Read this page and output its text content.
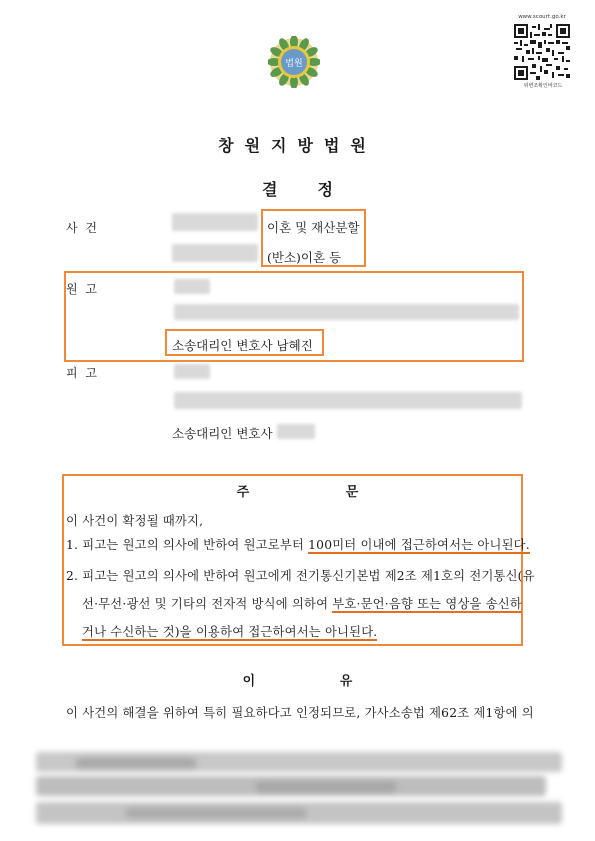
법원
www.scourt.go.kr
위변조확인바코드
창원지방법원
결정
사 건	이혼 및 재산분할
(반소)이혼 등
원 고
소송대리인 변호사 남혜진
피 고
소송대리인 변호사
주 문
이 사건이 확정될 때까지,
1. 피고는 원고의 의사에 반하여 원고로부터 100미터 이내에 접근하여서는 아니된다.
2. 피고는 원고의 의사에 반하여 원고에게 전기통신기본법 제2조 제1호의 전기통신(유
선·무선·광선 및 기타의 전자적 방식에 의하여 부호·문언·음향 또는 영상을 송신하
거나 수신하는 것)을 이용하여 접근하여서는 아니된다.
이 유
이 사건의 해결을 위하여 특히 필요하다고 인정되므로, 가사소송법 제62조 제1항에 의
